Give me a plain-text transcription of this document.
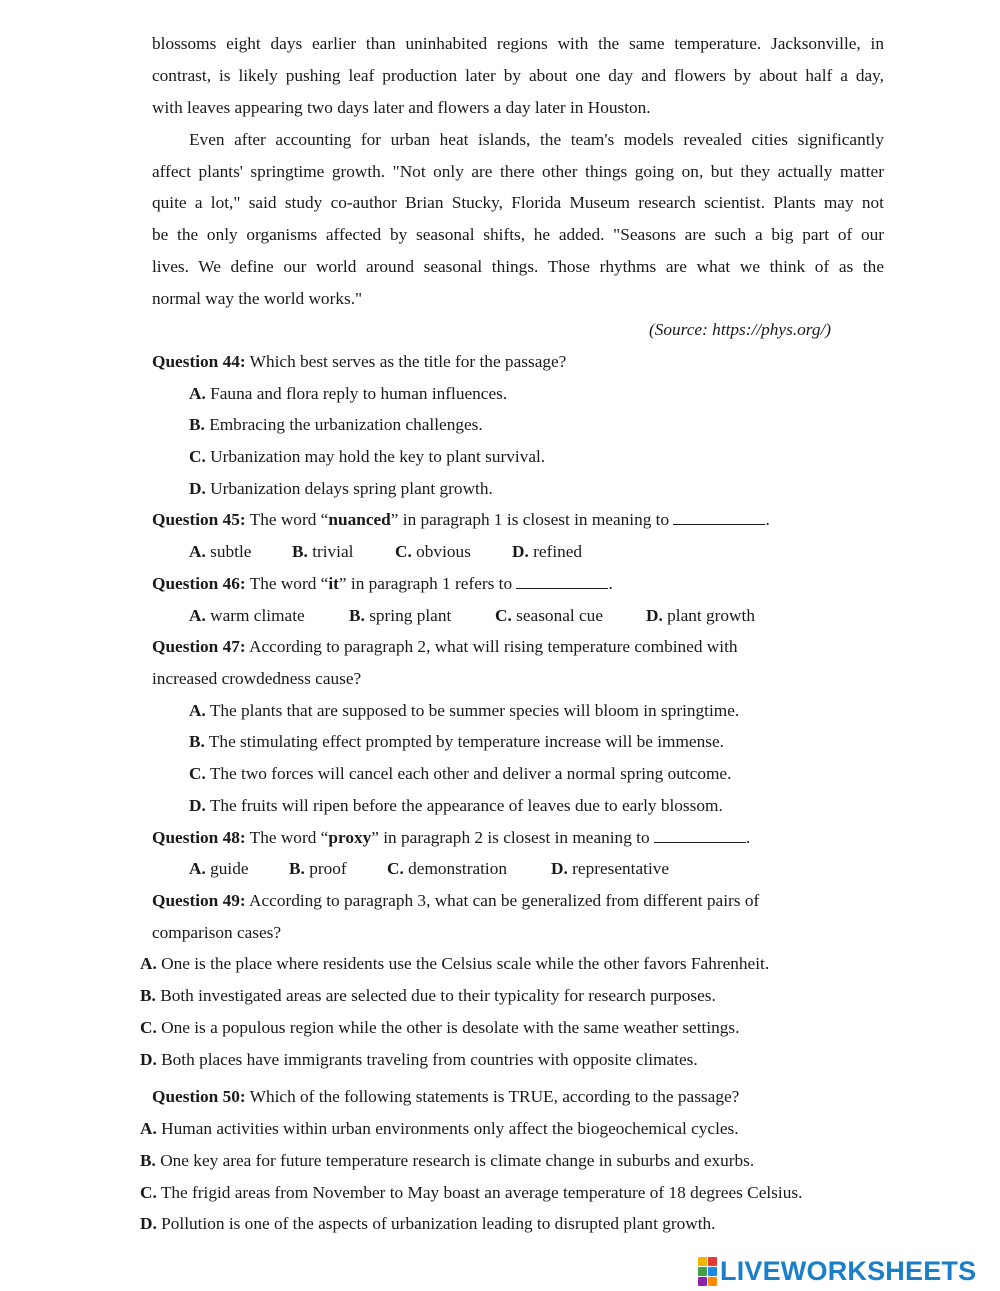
blossoms eight days earlier than uninhabited regions with the same temperature. Jacksonville, in
contrast, is likely pushing leaf production later by about one day and flowers by about half a day,
with leaves appearing two days later and flowers a day later in Houston.
Even after accounting for urban heat islands, the team's models revealed cities significantly
affect plants' springtime growth. "Not only are there other things going on, but they actually matter
quite a lot," said study co-author Brian Stucky, Florida Museum research scientist. Plants may not
be the only organisms affected by seasonal shifts, he added. "Seasons are such a big part of our
lives. We define our world around seasonal things. Those rhythms are what we think of as the
normal way the world works."
(Source: https://phys.org/)
Question 44: Which best serves as the title for the passage?
A. Fauna and flora reply to human influences.
B. Embracing the urbanization challenges.
C. Urbanization may hold the key to plant survival.
D. Urbanization delays spring plant growth.
Question 45: The word “nuanced” in paragraph 1 is closest in meaning to	.
A. subtle B. trivial C. obvious D. refined
Question 46: The word “it” in paragraph 1 refers to	.
A. warm climate	B. spring plant	C. seasonal cue D. plant growth
Question 47: According to paragraph 2, what will rising temperature combined with
increased crowdedness cause?
A. The plants that are supposed to be summer species will bloom in springtime.
B. The stimulating effect prompted by temperature increase will be immense.
C. The two forces will cancel each other and deliver a normal spring outcome.
D. The fruits will ripen before the appearance of leaves due to early blossom.
Question 48: The word “proxy” in paragraph 2 is closest in meaning to	.
A. guide B. proof C. demonstration	D. representative
Question 49: According to paragraph 3, what can be generalized from different pairs of
comparison cases?
A. One is the place where residents use the Celsius scale while the other favors Fahrenheit.
B. Both investigated areas are selected due to their typicality for research purposes.
C. One is a populous region while the other is desolate with the same weather settings.
D. Both places have immigrants traveling from countries with opposite climates.
Question 50: Which of the following statements is TRUE, according to the passage?
A. Human activities within urban environments only affect the biogeochemical cycles.
B. One key area for future temperature research is climate change in suburbs and exurbs.
C. The frigid areas from November to May boast an average temperature of 18 degrees Celsius.
D. Pollution is one of the aspects of urbanization leading to disrupted plant growth.
LIVEWORKSHEETS
